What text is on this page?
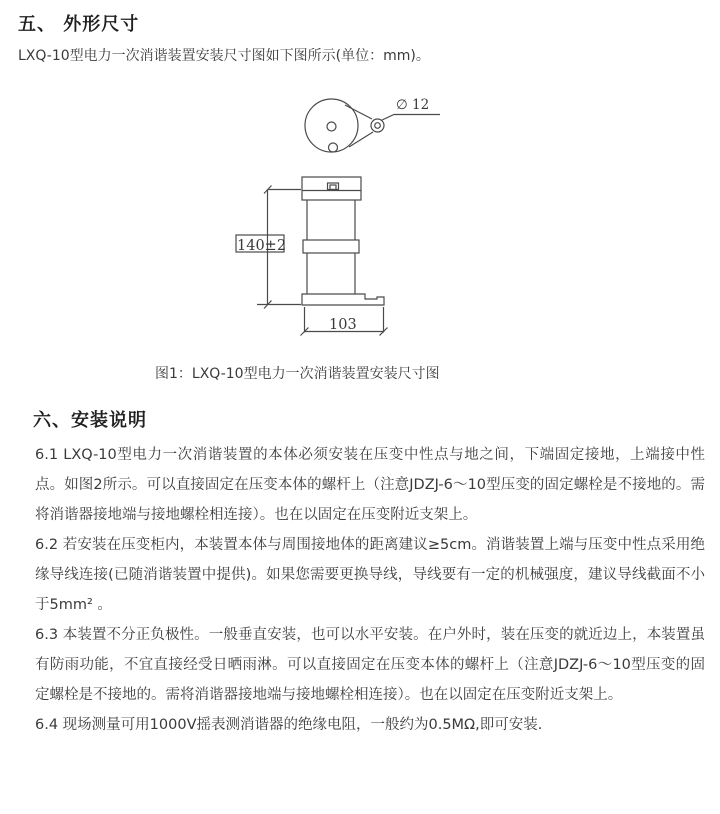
五、 外形尺寸

LXQ-10型电力一次消谐装置安装尺寸图如下图所示(单位：mm)。

∅ 12
140±2
103

图1：LXQ-10型电力一次消谐装置安装尺寸图

六、安装说明

6.1 LXQ-10型电力一次消谐装置的本体必须安装在压变中性点与地之间，下端固定接地，上端接中性点。如图2所示。可以直接固定在压变本体的螺杆上（注意JDZJ-6～10型压变的固定螺栓是不接地的。需将消谐器接地端与接地螺栓相连接）。也在以固定在压变附近支架上。

6.2 若安装在压变柜内，本装置本体与周围接地体的距离建议≥5cm。消谐装置上端与压变中性点采用绝缘导线连接(已随消谐装置中提供)。如果您需要更换导线，导线要有一定的机械强度，建议导线截面不小于5mm² 。

6.3 本装置不分正负极性。一般垂直安装，也可以水平安装。在户外时，装在压变的就近边上，本装置虽有防雨功能，不宜直接经受日晒雨淋。可以直接固定在压变本体的螺杆上（注意JDZJ-6～10型压变的固定螺栓是不接地的。需将消谐器接地端与接地螺栓相连接）。也在以固定在压变附近支架上。

6.4 现场测量可用1000V摇表测消谐器的绝缘电阻，一般约为0.5MΩ,即可安装.
